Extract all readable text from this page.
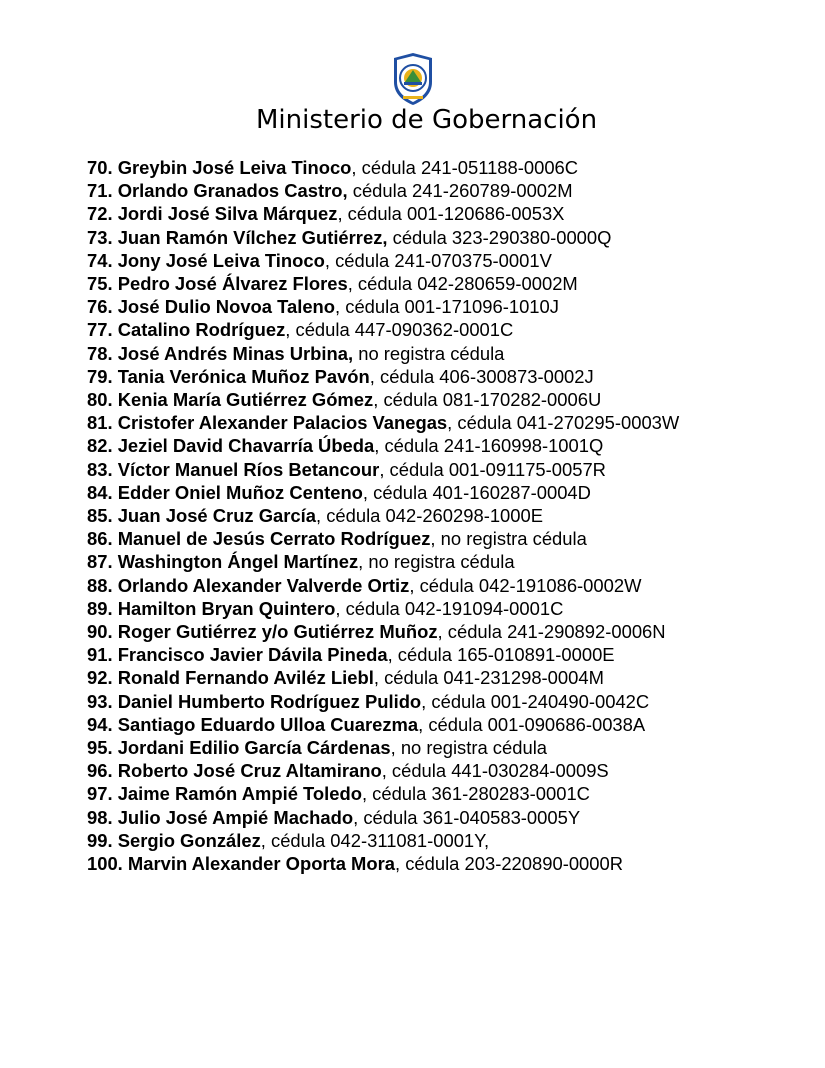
Ministerio de Gobernación
70. Greybin José Leiva Tinoco, cédula 241-051188-0006C
71. Orlando Granados Castro, cédula 241-260789-0002M
72. Jordi José Silva Márquez, cédula 001-120686-0053X
73. Juan Ramón Vílchez Gutiérrez, cédula 323-290380-0000Q
74. Jony José Leiva Tinoco, cédula 241-070375-0001V
75. Pedro José Álvarez Flores, cédula 042-280659-0002M
76. José Dulio Novoa Taleno, cédula 001-171096-1010J
77. Catalino Rodríguez, cédula 447-090362-0001C
78. José Andrés Minas Urbina, no registra cédula
79. Tania Verónica Muñoz Pavón, cédula 406-300873-0002J
80. Kenia María Gutiérrez Gómez, cédula 081-170282-0006U
81. Cristofer Alexander Palacios Vanegas, cédula 041-270295-0003W
82. Jeziel David Chavarría Úbeda, cédula 241-160998-1001Q
83. Víctor Manuel Ríos Betancour, cédula 001-091175-0057R
84. Edder Oniel Muñoz Centeno, cédula 401-160287-0004D
85. Juan José Cruz García, cédula 042-260298-1000E
86. Manuel de Jesús Cerrato Rodríguez, no registra cédula
87. Washington Ángel Martínez, no registra cédula
88. Orlando Alexander Valverde Ortiz, cédula 042-191086-0002W
89. Hamilton Bryan Quintero, cédula 042-191094-0001C
90. Roger Gutiérrez y/o Gutiérrez Muñoz, cédula 241-290892-0006N
91. Francisco Javier Dávila Pineda, cédula 165-010891-0000E
92. Ronald Fernando Aviléz Liebl, cédula 041-231298-0004M
93. Daniel Humberto Rodríguez Pulido, cédula 001-240490-0042C
94. Santiago Eduardo Ulloa Cuarezma, cédula 001-090686-0038A
95. Jordani Edilio García Cárdenas, no registra cédula
96. Roberto José Cruz Altamirano, cédula 441-030284-0009S
97. Jaime Ramón Ampié Toledo, cédula 361-280283-0001C
98. Julio José Ampié Machado, cédula 361-040583-0005Y
99. Sergio González, cédula 042-311081-0001Y,
100. Marvin Alexander Oporta Mora, cédula 203-220890-0000R
